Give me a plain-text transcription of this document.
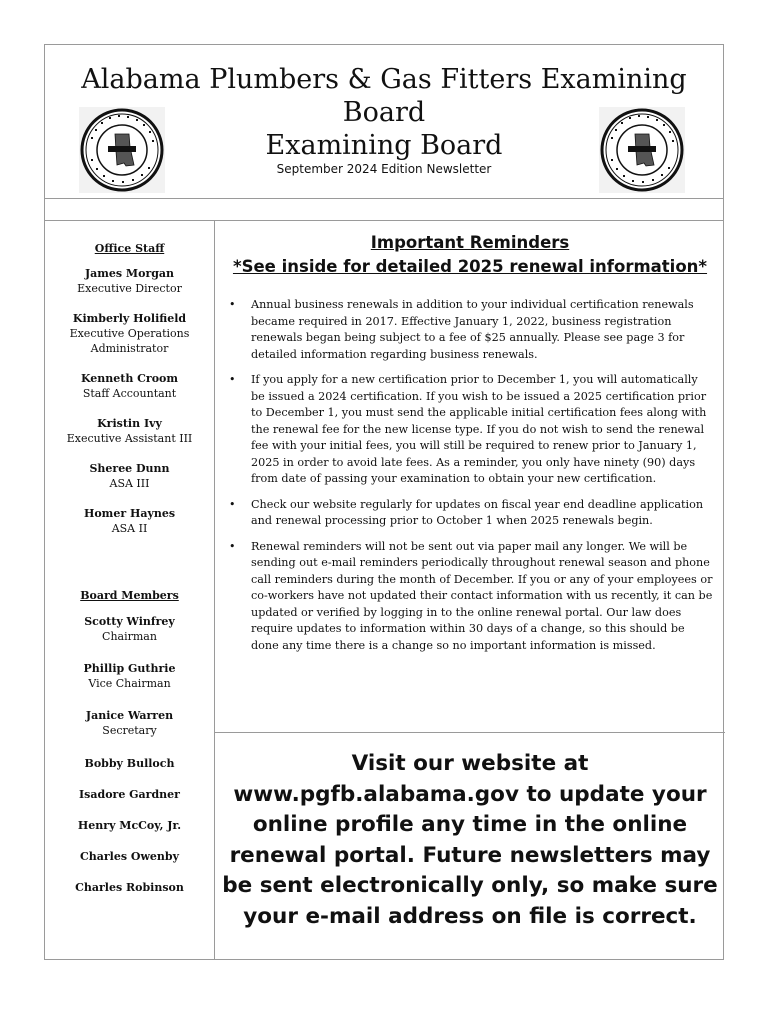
Alabama Plumbers & Gas Fitters Examining Board
Examining Board
September 2024 Edition Newsletter
Office Staff
James Morgan
Executive Director
Kimberly Holifield
Executive Operations Administrator
Kenneth Croom
Staff Accountant
Kristin Ivy
Executive Assistant III
Sheree Dunn
ASA III
Homer Haynes
ASA II
Board Members
Scotty Winfrey
Chairman
Phillip Guthrie
Vice Chairman
Janice Warren
Secretary
Bobby Bulloch
Isadore Gardner
Henry McCoy, Jr.
Charles Owenby
Charles Robinson
Important Reminders
*See inside for detailed 2025 renewal information*
• Annual business renewals in addition to your individual certification renewals became required in 2017. Effective January 1, 2022, business registration renewals began being subject to a fee of $25 annually. Please see page 3 for detailed information regarding business renewals.
• If you apply for a new certification prior to December 1, you will automatically be issued a 2024 certification. If you wish to be issued a 2025 certification prior to December 1, you must send the applicable initial certification fees along with the renewal fee for the new license type. If you do not wish to send the renewal fee with your initial fees, you will still be required to renew prior to January 1, 2025 in order to avoid late fees. As a reminder, you only have ninety (90) days from date of passing your examination to obtain your new certification.
• Check our website regularly for updates on fiscal year end deadline application and renewal processing prior to October 1 when 2025 renewals begin.
• Renewal reminders will not be sent out via paper mail any longer. We will be sending out e-mail reminders periodically throughout renewal season and phone call reminders during the month of December. If you or any of your employees or co-workers have not updated their contact information with us recently, it can be updated or verified by logging in to the online renewal portal. Our law does require updates to information within 30 days of a change, so this should be done any time there is a change so no important information is missed.
Visit our website at www.pgfb.alabama.gov to update your online profile any time in the online renewal portal. Future newsletters may be sent electronically only, so make sure your e-mail address on file is correct.
